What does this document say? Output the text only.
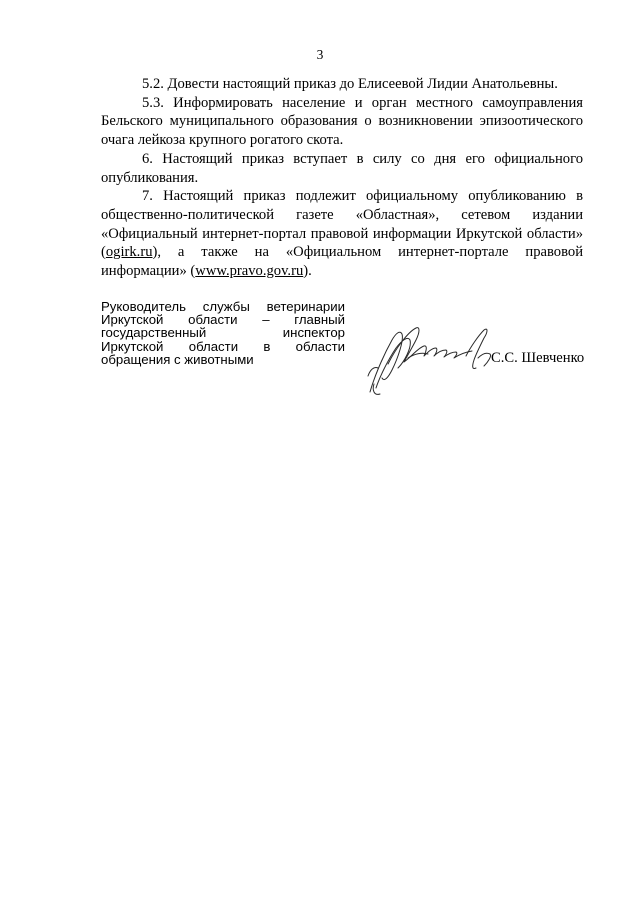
3

5.2. Довести настоящий приказ до Елисеевой Лидии Анатольевны.

5.3. Информировать население и орган местного самоуправления Бельского муниципального образования о возникновении эпизоотического очага лейкоза крупного рогатого скота.

6. Настоящий приказ вступает в силу со дня его официального опубликования.

7. Настоящий приказ подлежит официальному опубликованию в общественно-политической газете «Областная», сетевом издании «Официальный интернет-портал правовой информации Иркутской области» (ogirk.ru), а также на «Официальном интернет-портале правовой информации» (www.pravo.gov.ru).

Руководитель службы ветеринарии

Иркутской области – главный

государственный инспектор

Иркутской области в области

обращения с животными	С.С. Шевченко
